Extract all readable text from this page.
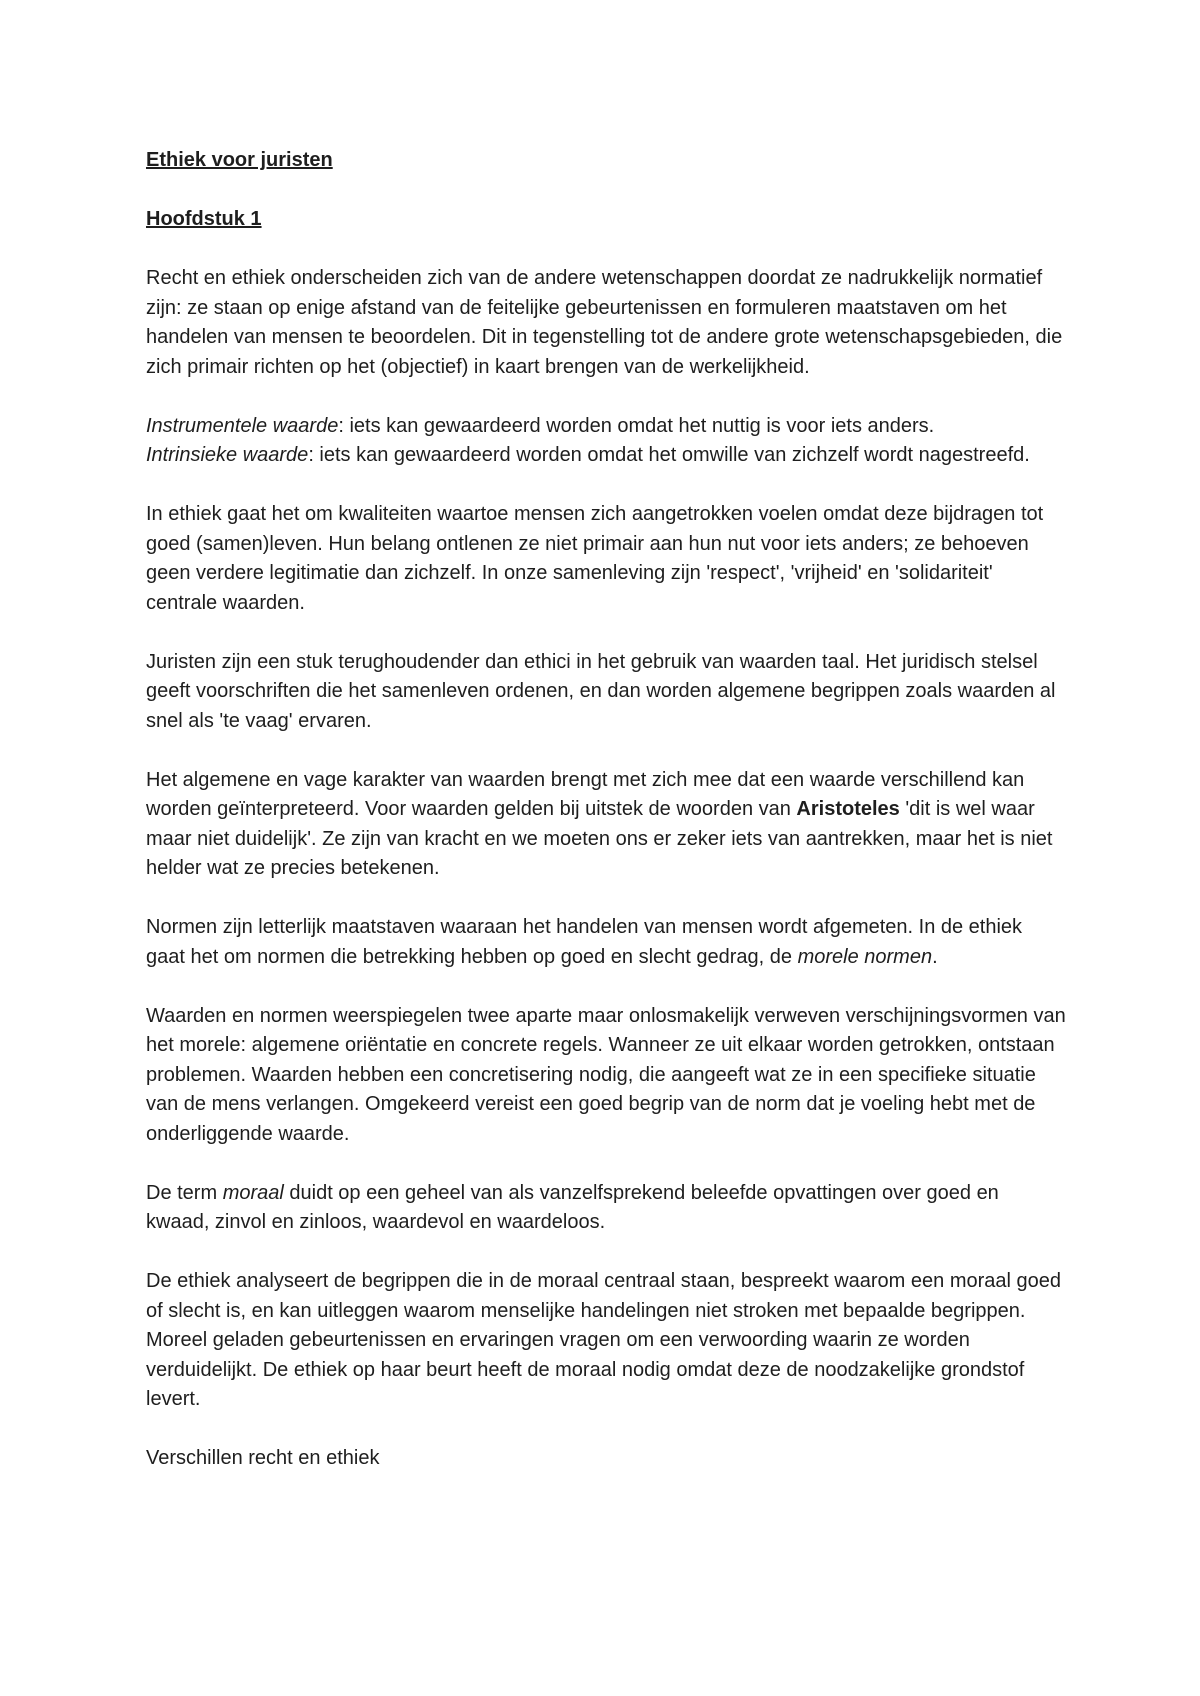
Ethiek voor juristen
Hoofdstuk 1

Recht en ethiek onderscheiden zich van de andere wetenschappen doordat ze nadrukkelijk normatief zijn: ze staan op enige afstand van de feitelijke gebeurtenissen en formuleren maatstaven om het handelen van mensen te beoordelen. Dit in tegenstelling tot de andere grote wetenschapsgebieden, die zich primair richten op het (objectief) in kaart brengen van de werkelijkheid.

Instrumentele waarde: iets kan gewaardeerd worden omdat het nuttig is voor iets anders.
Intrinsieke waarde: iets kan gewaardeerd worden omdat het omwille van zichzelf wordt nagestreefd.

In ethiek gaat het om kwaliteiten waartoe mensen zich aangetrokken voelen omdat deze bijdragen tot goed (samen)leven. Hun belang ontlenen ze niet primair aan hun nut voor iets anders; ze behoeven geen verdere legitimatie dan zichzelf. In onze samenleving zijn 'respect', 'vrijheid' en 'solidariteit' centrale waarden.

Juristen zijn een stuk terughoudender dan ethici in het gebruik van waarden taal. Het juridisch stelsel geeft voorschriften die het samenleven ordenen, en dan worden algemene begrippen zoals waarden al snel als 'te vaag' ervaren.

Het algemene en vage karakter van waarden brengt met zich mee dat een waarde verschillend kan worden geïnterpreteerd. Voor waarden gelden bij uitstek de woorden van Aristoteles 'dit is wel waar maar niet duidelijk'. Ze zijn van kracht en we moeten ons er zeker iets van aantrekken, maar het is niet helder wat ze precies betekenen.

Normen zijn letterlijk maatstaven waaraan het handelen van mensen wordt afgemeten. In de ethiek gaat het om normen die betrekking hebben op goed en slecht gedrag, de morele normen.

Waarden en normen weerspiegelen twee aparte maar onlosmakelijk verweven verschijningsvormen van het morele: algemene oriëntatie en concrete regels. Wanneer ze uit elkaar worden getrokken, ontstaan problemen. Waarden hebben een concretisering nodig, die aangeeft wat ze in een specifieke situatie van de mens verlangen. Omgekeerd vereist een goed begrip van de norm dat je voeling hebt met de onderliggende waarde.

De term moraal duidt op een geheel van als vanzelfsprekend beleefde opvattingen over goed en kwaad, zinvol en zinloos, waardevol en waardeloos.

De ethiek analyseert de begrippen die in de moraal centraal staan, bespreekt waarom een moraal goed of slecht is, en kan uitleggen waarom menselijke handelingen niet stroken met bepaalde begrippen. Moreel geladen gebeurtenissen en ervaringen vragen om een verwoording waarin ze worden verduidelijkt. De ethiek op haar beurt heeft de moraal nodig omdat deze de noodzakelijke grondstof levert.

Verschillen recht en ethiek
